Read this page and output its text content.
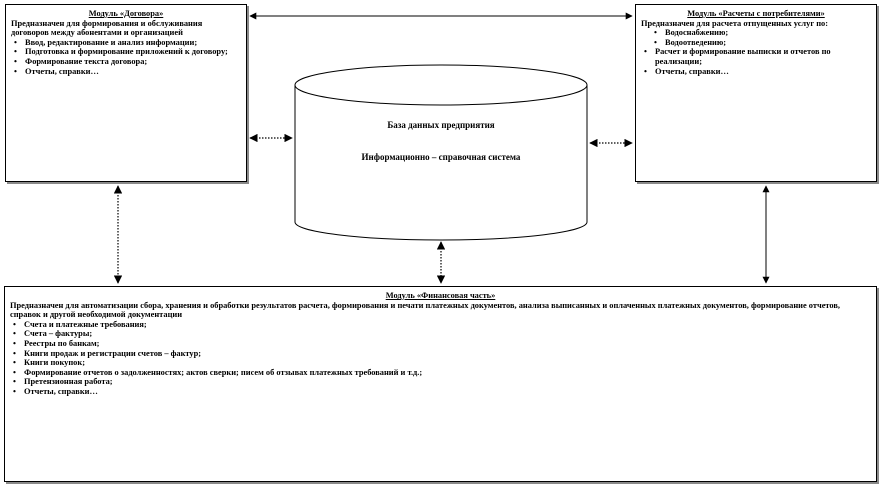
База данных предприятия
Информационно – справочная система
Модуль «Договора»
Предназначен для формирования и обслуживания договоров между абонентами и организацией
• Ввод, редактирование и анализ информации;
• Подготовка и формирование приложений к договору;
• Формирование текста договора;
• Отчеты, справки…
Модуль «Расчеты с потребителями»
Предназначен для расчета отпущенных услуг по:
• Водоснабжению;
• Водоотведению;
• Расчет и формирование выписки и отчетов по реализации;
• Отчеты, справки…
Модуль «Финансовая часть»
Предназначен для автоматизации сбора, хранения и обработки результатов расчета, формирования и печати платежных документов, анализа выписанных и оплаченных платежных документов, формирование отчетов, справок и другой необходимой документации
• Счета и платежные требования;
• Счета – фактуры;
• Реестры по банкам;
• Книги продаж и регистрации счетов – фактур;
• Книги покупок;
• Формирование отчетов о задолженностях; актов сверки; писем об отзывах платежных требований и т.д.;
• Претензионная работа;
• Отчеты, справки…
